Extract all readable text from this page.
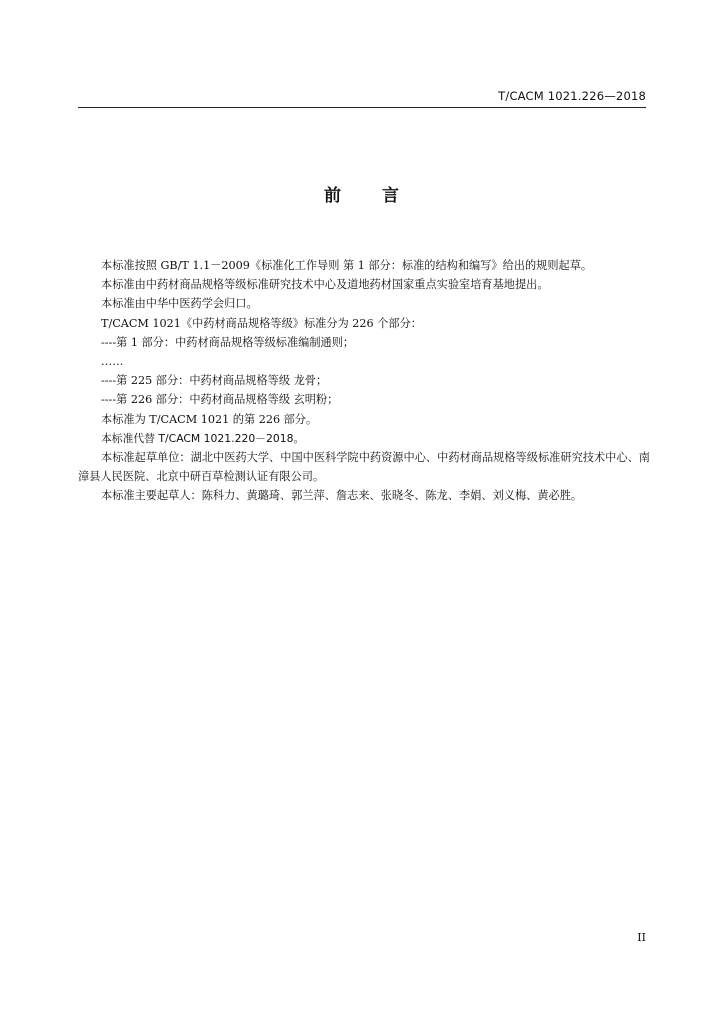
T/CACM 1021.226—2018
前 言

本标准按照 GB/T 1.1－2009《标准化工作导则 第 1 部分：标准的结构和编写》给出的规则起草。

本标准由中药材商品规格等级标准研究技术中心及道地药材国家重点实验室培育基地提出。

本标准由中华中医药学会归口。

T/CACM 1021《中药材商品规格等级》标准分为 226 个部分：

----第 1 部分：中药材商品规格等级标准编制通则；

……

----第 225 部分：中药材商品规格等级 龙骨；

----第 226 部分：中药材商品规格等级 玄明粉；

本标准为 T/CACM 1021 的第 226 部分。

本标准代替 T/CACM 1021.220－2018。

本标准起草单位：湖北中医药大学、中国中医科学院中药资源中心、中药材商品规格等级标准研究技术中心、南漳县人民医院、北京中研百草检测认证有限公司。

本标准主要起草人：陈科力、黄璐琦、郭兰萍、詹志来、张晓冬、陈龙、李娟、刘义梅、黄必胜。

II
